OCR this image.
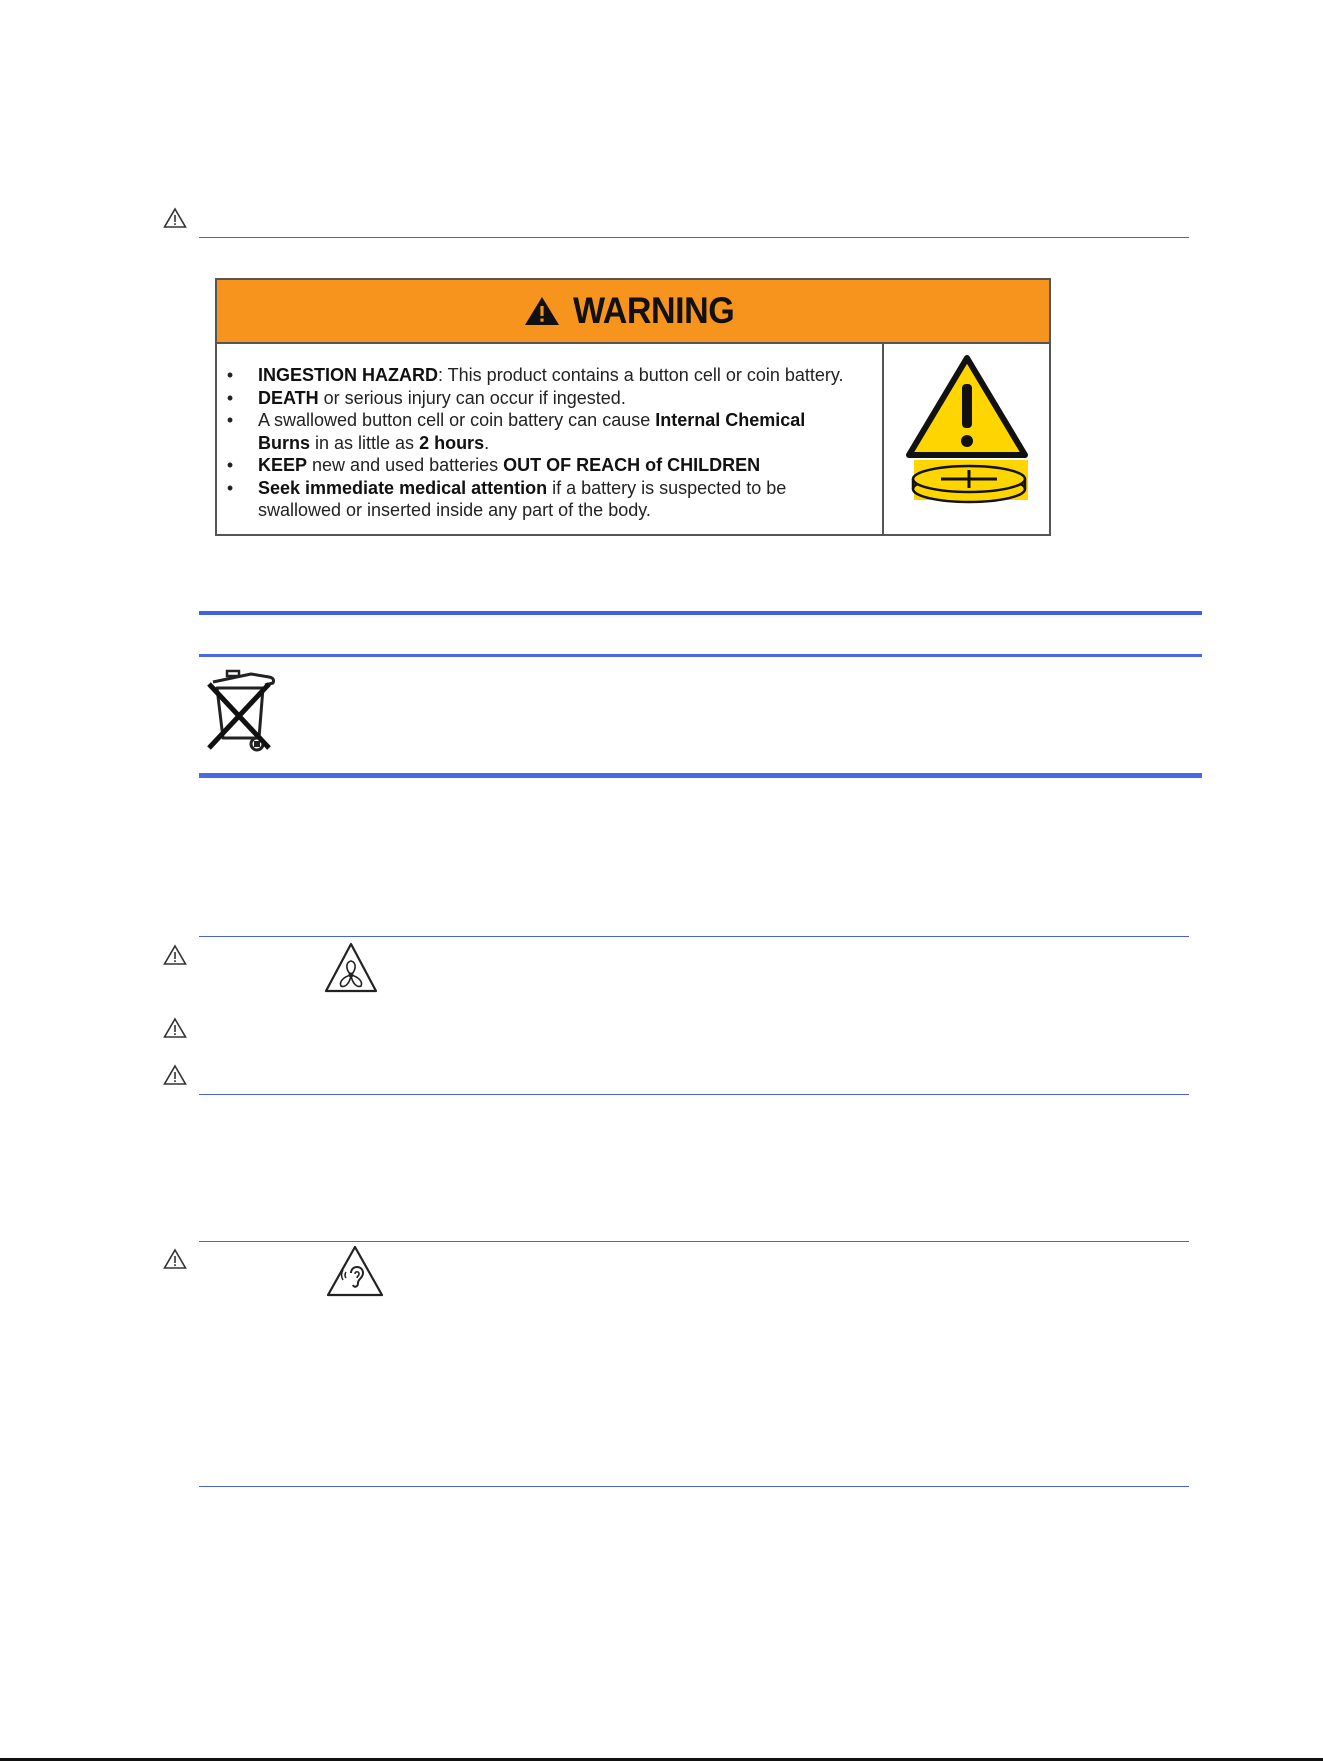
WARNING
• INGESTION HAZARD: This product contains a button cell or coin battery.
• DEATH or serious injury can occur if ingested.
• A swallowed button cell or coin battery can cause Internal Chemical
Burns in as little as 2 hours.
• KEEP new and used batteries OUT OF REACH of CHILDREN
• Seek immediate medical attention if a battery is suspected to be
swallowed or inserted inside any part of the body.
